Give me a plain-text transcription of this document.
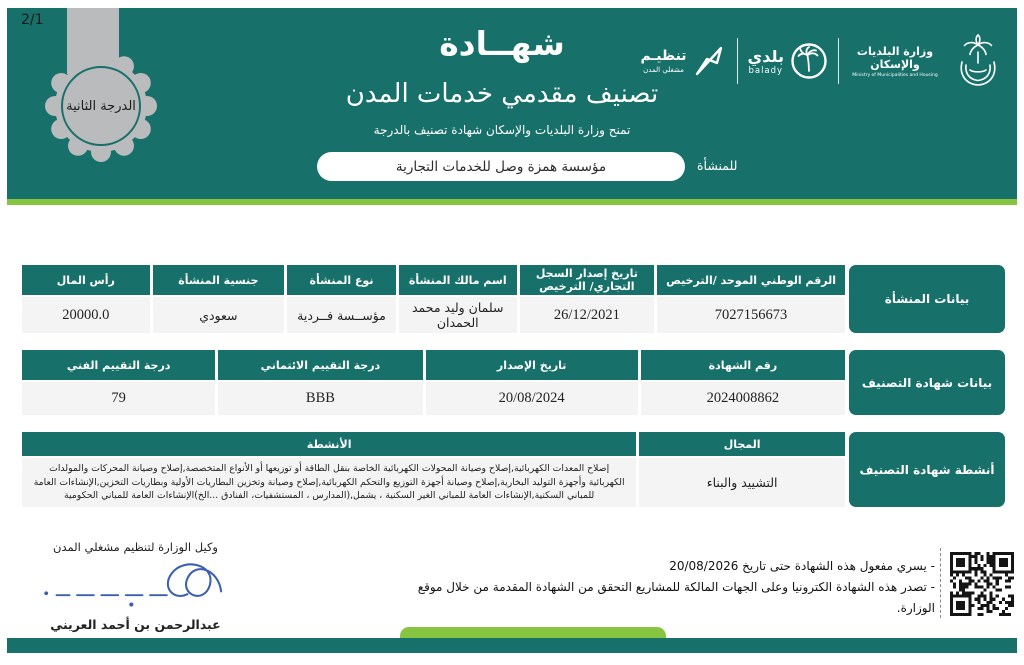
2/1
الدرجة الثانية
شهــادة
تصنيف مقدمي خدمات المدن
تمنح وزارة البلديات والإسكان شهادة تصنيف بالدرجة
للمنشأة
مؤسسة همزة وصل للخدمات التجارية
تنظيـم
مشغلي المدن
بلدي
balady
وزارة البلديات والإسكان
Ministry of Municipalities and Housing
الرقم الوطني الموحد /الترخيص
تاريخ إصدار السجل التجاري/ الترخيص
اسم مالك المنشأة
نوع المنشأة
جنسية المنشأة
رأس المال
7027156673
26/12/2021
سلمان وليد محمد الحمدان
مؤســسة فــردية
سعودي
20000.0
بيانات المنشأة
رقم الشهادة
تاريخ الإصدار
درجة التقييم الائتماني
درجة التقييم الفني
2024008862
20/08/2024
BBB
79
بيانات شهادة التصنيف
المجال
الأنشطة
التشييد والبناء
إصلاح المعدات الكهربائية,إصلاح وصيانة المحولات الكهربائية الخاصة بنقل الطاقة أو توزيعها أو الأنواع المتخصصة,إصلاح وصيانة المحركات والمولدات الكهربائية وأجهزة التوليد البخارية,إصلاح وصيانة أجهزة التوزيع والتحكم الكهربائية,إصلاح وصيانة وتخزين البطاريات الأولية وبطاريات التخزين,الإنشاءات العامة للمباني السكنية,الإنشاءات العامة للمباني الغير السكنية ، يشمل,(المدارس ، المستشفيات، الفنادق ...الخ)الإنشاءات العامة للمباني الحكومية
أنشطة شهادة التصنيف
وكيل الوزارة لتنظيم مشغلي المدن
عبدالرحمن بن أحمد العريني
- يسري مفعول هذه الشهادة حتى تاريخ 20/08/2026
- تصدر هذه الشهادة الكترونيا وعلى الجهات المالكة للمشاريع التحقق من الشهادة المقدمة من خلال موقع الوزارة.
